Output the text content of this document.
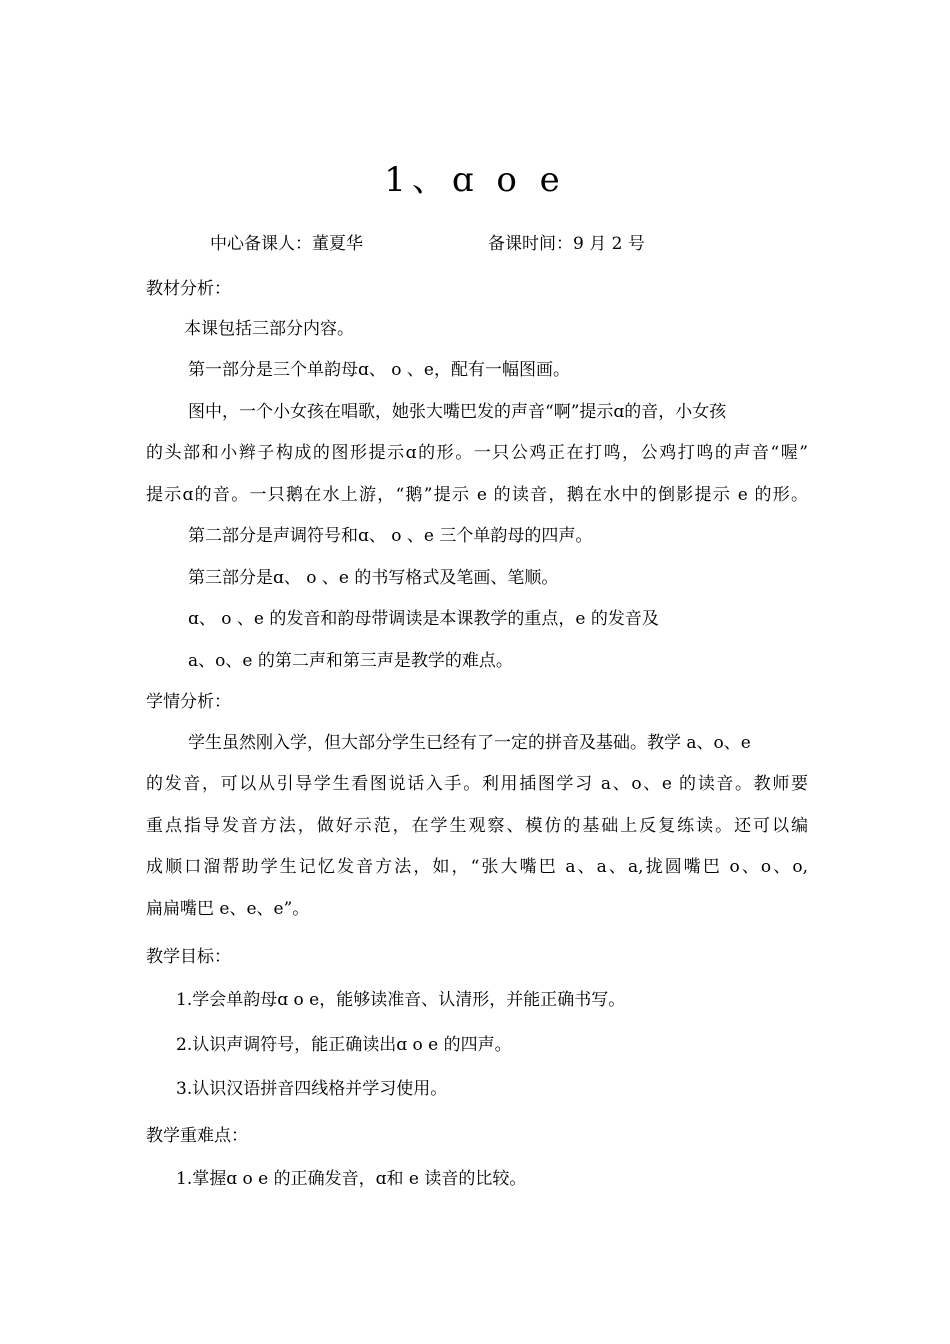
1、ɑ o e
中心备课人：董夏华	备课时间：9 月 2 号
教材分析：
本课包括三部分内容。
第一部分是三个单韵母ɑ、 o 、e，配有一幅图画。
图中，一个小女孩在唱歌，她张大嘴巴发的声音“啊”提示ɑ的音，小女孩
的头部和小辫子构成的图形提示ɑ的形。一只公鸡正在打鸣，公鸡打鸣的声音“喔”
提示ɑ的音。一只鹅在水上游，“鹅”提示 e 的读音，鹅在水中的倒影提示 e 的形。
第二部分是声调符号和ɑ、 o 、e 三个单韵母的四声。
第三部分是ɑ、 o 、e 的书写格式及笔画、笔顺。
ɑ、 o 、e 的发音和韵母带调读是本课教学的重点，e 的发音及
a、o、e 的第二声和第三声是教学的难点。
学情分析：
学生虽然刚入学，但大部分学生已经有了一定的拼音及基础。教学 a、o、e
的发音，可以从引导学生看图说话入手。利用插图学习 a、o、e 的读音。教师要
重点指导发音方法，做好示范，在学生观察、模仿的基础上反复练读。还可以编
成顺口溜帮助学生记忆发音方法，如，“张大嘴巴 a、a、a,拢圆嘴巴 o、o、o,
扁扁嘴巴 e、e、e”。
教学目标：
1.学会单韵母ɑ o e，能够读准音、认清形，并能正确书写。
2.认识声调符号，能正确读出ɑ o e 的四声。
3.认识汉语拼音四线格并学习使用。
教学重难点：
1.掌握ɑ o e 的正确发音，ɑ和 e 读音的比较。
